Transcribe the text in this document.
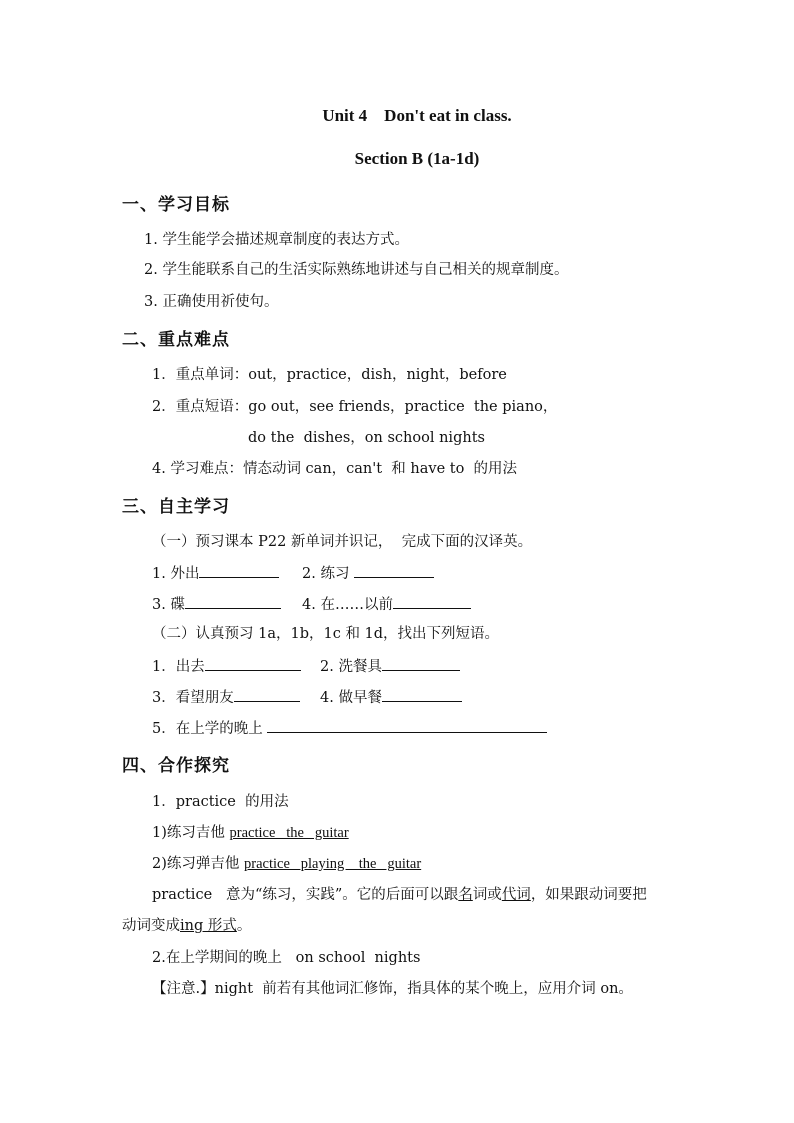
Unit 4    Don't eat in class.
Section B (1a-1d)
一、学习目标
1. 学生能学会描述规章制度的表达方式。
2. 学生能联系自己的生活实际熟练地讲述与自己相关的规章制度。
3. 正确使用祈使句。
二、重点难点
1．重点单词：out，practice，dish，night，before
2．重点短语：go out，see friends，practice  the piano，
do the  dishes，on school nights
4. 学习难点：情态动词 can，can't  和 have to  的用法
三、自主学习
（一）预习课本 P22 新单词并识记，  完成下面的汉译英。
1. 外出	2. 练习
3. 碟	4. 在……以前
（二）认真预习 1a，1b，1c 和 1d，找出下列短语。
1．出去	2. 洗餐具
3．看望朋友	4. 做早餐
5．在上学的晚上
四、合作探究
1．practice  的用法
1)练习吉他 practice   the   guitar
2)练习弹吉他 practice   playing    the   guitar
practice   意为“练习，实践”。它的后面可以跟名词或代词，如果跟动词要把
动词变成ing 形式。
2.在上学期间的晚上   on school  nights
【注意.】night  前若有其他词汇修饰，指具体的某个晚上，应用介词 on。
